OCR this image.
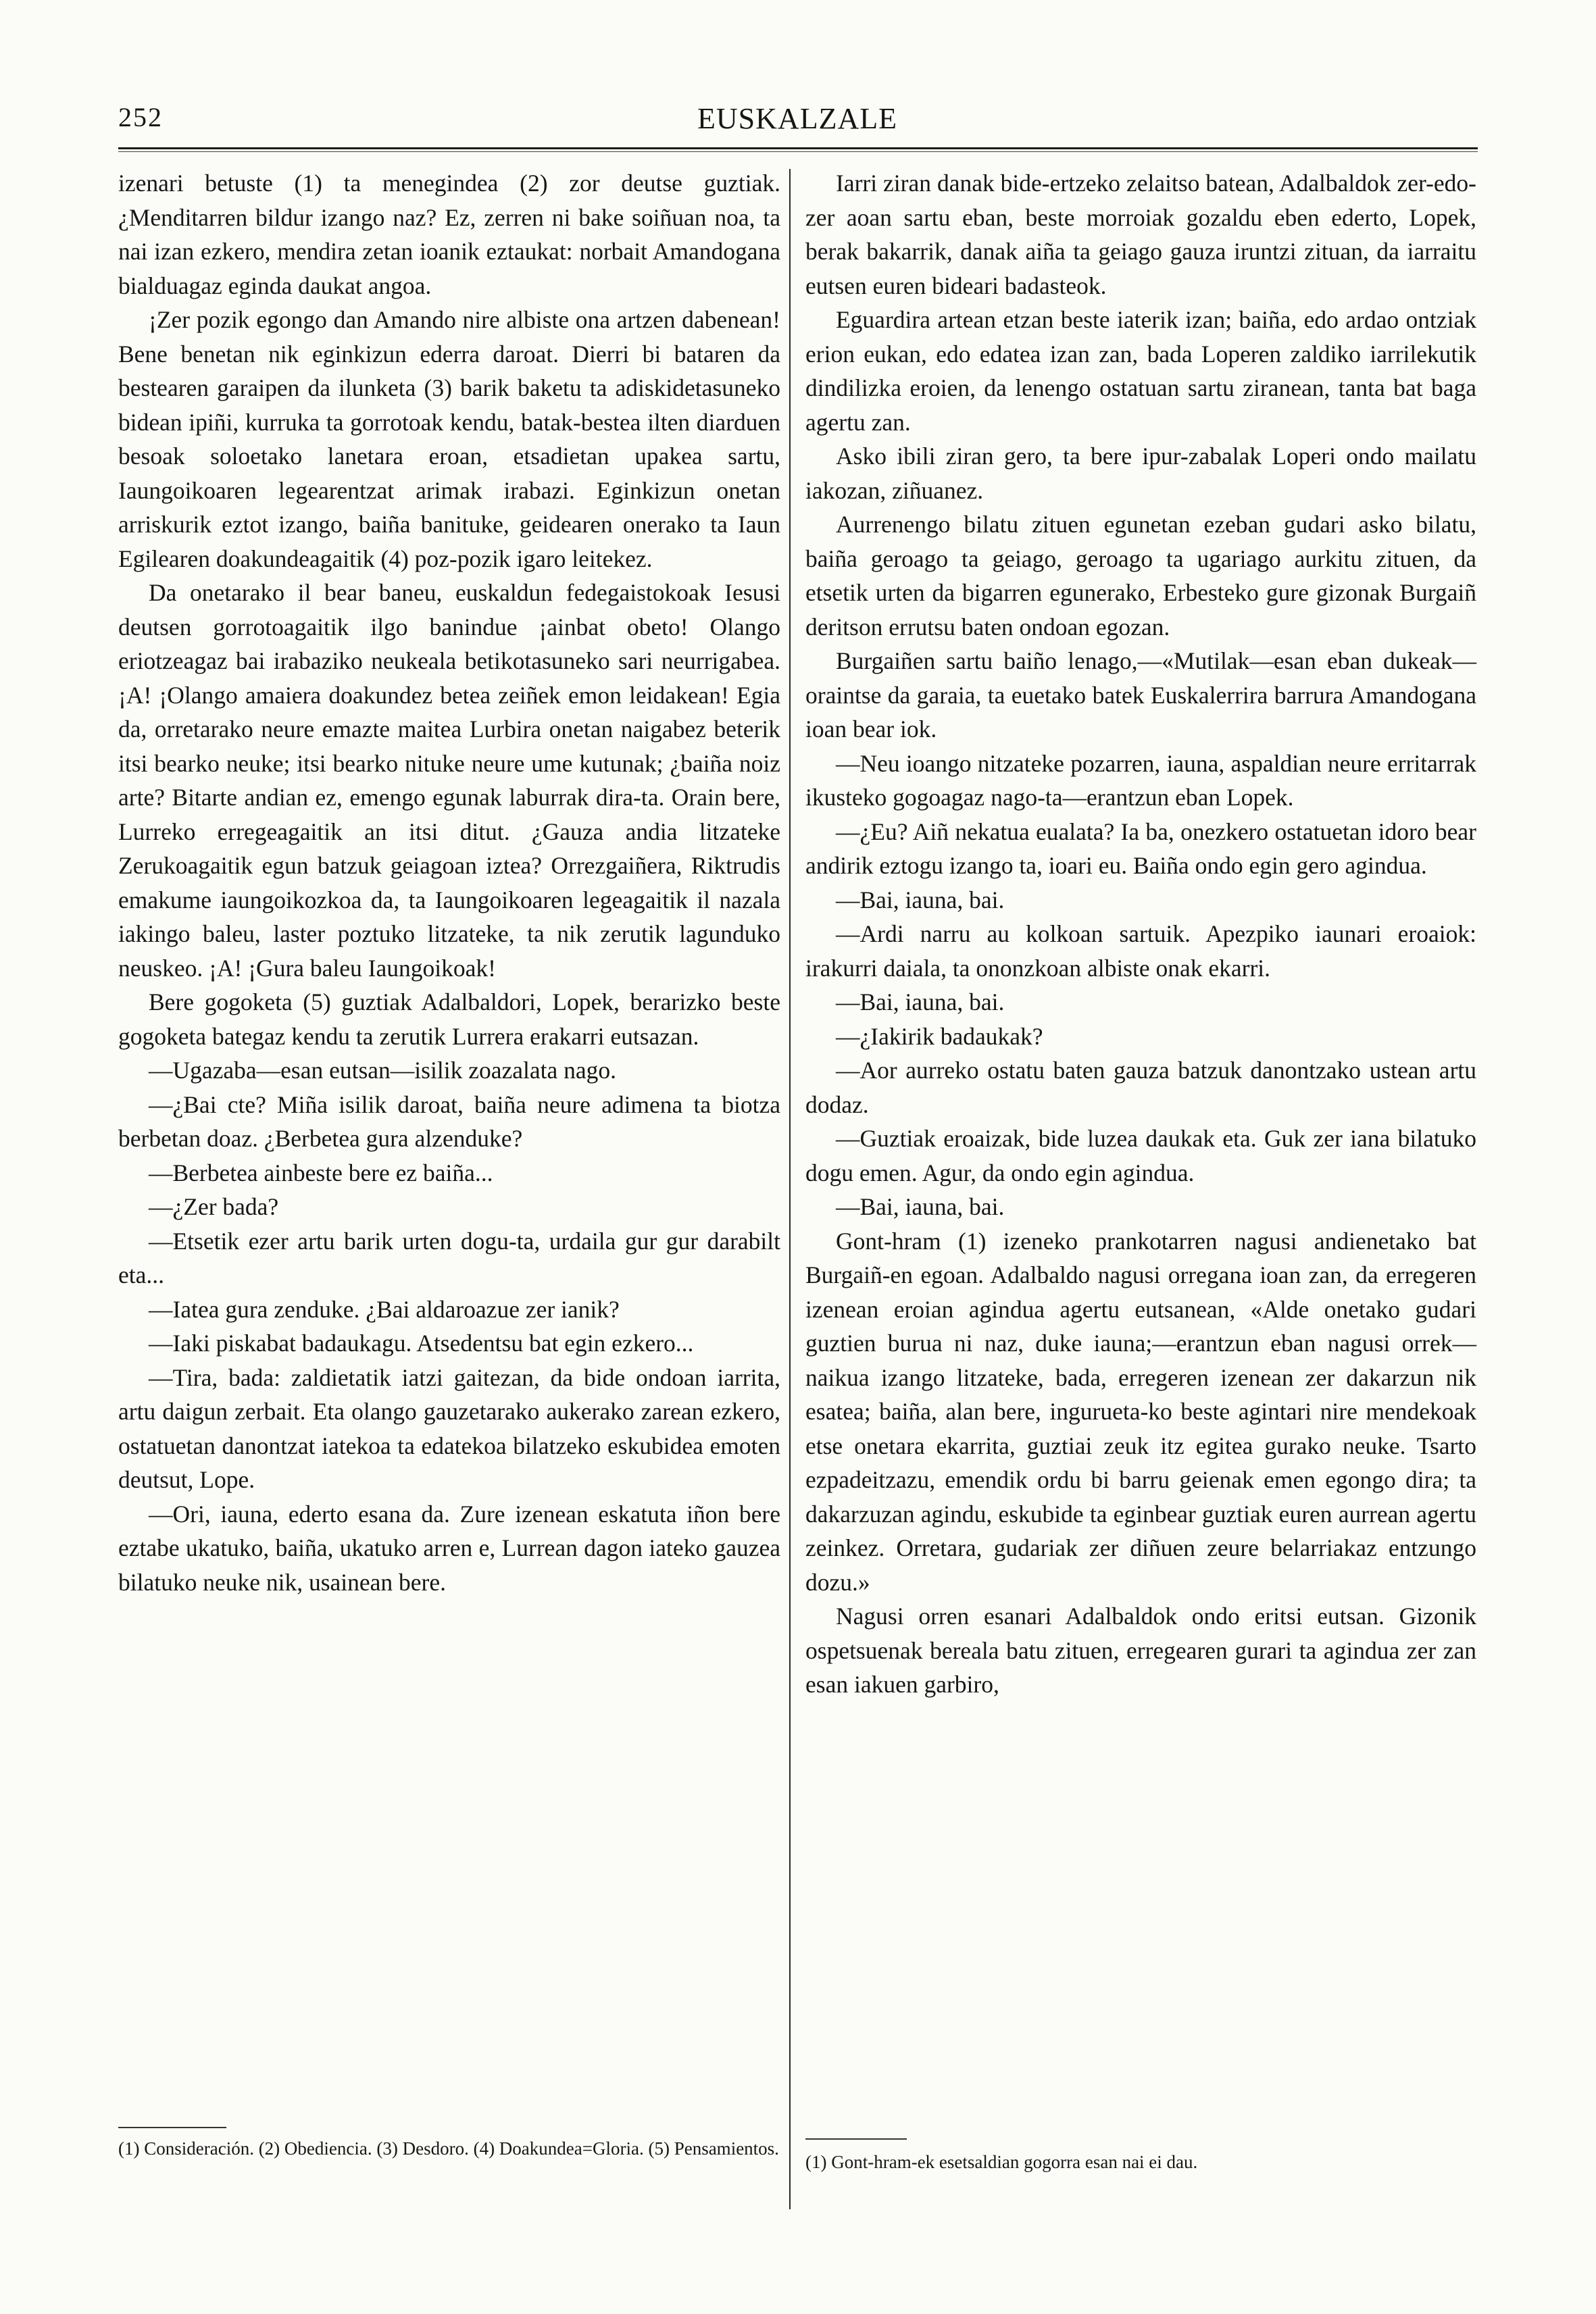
252	EUSKALZALE

izenari betuste (1) ta menegindea (2) zor deutse guztiak. ¿Menditarren bildur izango naz? Ez, zerren ni bake soiñuan noa, ta nai izan ezkero, mendira zetan ioanik eztaukat: norbait Amandogana bialduagaz eginda daukat angoa.

¡Zer pozik egongo dan Amando nire albiste ona artzen dabenean! Bene benetan nik eginkizun ederra daroat. Dierri bi bataren da bestearen garaipen da ilunketa (3) barik baketu ta adiskidetasuneko bidean ipiñi, kurruka ta gorrotoak kendu, batak-bestea ilten diarduen besoak soloetako lanetara eroan, etsadietan upakea sartu, Iaungoikoaren legearentzat arimak irabazi. Eginkizun onetan arriskurik eztot izango, baiña banituke, geidearen onerako ta Iaun Egilearen doakundeagaitik (4) poz-pozik igaro leitekez.

Da onetarako il bear baneu, euskaldun fedegaistokoak Iesusi deutsen gorrotoagaitik ilgo banindue ¡ainbat obeto! Olango eriotzeagaz bai irabaziko neukeala betikotasuneko sari neurrigabea. ¡A! ¡Olango amaiera doakundez betea zeiñek emon leidakean! Egia da, orretarako neure emazte maitea Lurbira onetan naigabez beterik itsi bearko neuke; itsi bearko nituke neure ume kutunak; ¿baiña noiz arte? Bitarte andian ez, emengo egunak laburrak dira-ta. Orain bere, Lurreko erregeagaitik an itsi ditut. ¿Gauza andia litzateke Zerukoagaitik egun batzuk geiagoan iztea? Orrezgaiñera, Riktrudis emakume iaungoikozkoa da, ta Iaungoikoaren legeagaitik il nazala iakingo baleu, laster poztuko litzateke, ta nik zerutik lagunduko neuskeo. ¡A! ¡Gura baleu Iaungoikoak!

Bere gogoketa (5) guztiak Adalbaldori, Lopek, berarizko beste gogoketa bategaz kendu ta zerutik Lurrera erakarri eutsazan.

—Ugazaba—esan eutsan—isilik zoazalata nago.

—¿Bai cte? Miña isilik daroat, baiña neure adimena ta biotza berbetan doaz. ¿Berbetea gura alzenduke?

—Berbetea ainbeste bere ez baiña...

—¿Zer bada?

—Etsetik ezer artu barik urten dogu-ta, urdaila gur gur darabilt eta...

—Iatea gura zenduke. ¿Bai aldaroazue zer ianik?

—Iaki piskabat badaukagu. Atsedentsu bat egin ezkero...

—Tira, bada: zaldietatik iatzi gaitezan, da bide ondoan iarrita, artu daigun zerbait. Eta olango gauzetarako aukerako zarean ezkero, ostatuetan danontzat iatekoa ta edatekoa bilatzeko eskubidea emoten deutsut, Lope.

—Ori, iauna, ederto esana da. Zure izenean eskatuta iñon bere eztabe ukatuko, baiña, ukatuko arren e, Lurrean dagon iateko gauzea bilatuko neuke nik, usainean bere.

(1) Consideración. (2) Obediencia. (3) Desdoro. (4) Doakundea=Gloria. (5) Pensamientos.

Iarri ziran danak bide-ertzeko zelaitso batean, Adalbaldok zer-edo-zer aoan sartu eban, beste morroiak gozaldu eben ederto, Lopek, berak bakarrik, danak aiña ta geiago gauza iruntzi zituan, da iarraitu eutsen euren bideari badasteok.

Eguardira artean etzan beste iaterik izan; baiña, edo ardao ontziak erion eukan, edo edatea izan zan, bada Loperen zaldiko iarrilekutik dindilizka eroien, da lenengo ostatuan sartu ziranean, tanta bat baga agertu zan.

Asko ibili ziran gero, ta bere ipur-zabalak Loperi ondo mailatu iakozan, ziñuanez.

Aurrenengo bilatu zituen egunetan ezeban gudari asko bilatu, baiña geroago ta geiago, geroago ta ugariago aurkitu zituen, da etsetik urten da bigarren egunerako, Erbesteko gure gizonak Burgaiñ deritson errutsu baten ondoan egozan.

Burgaiñen sartu baiño lenago,—«Mutilak—esan eban dukeak—oraintse da garaia, ta euetako batek Euskalerrira barrura Amandogana ioan bear iok.

—Neu ioango nitzateke pozarren, iauna, aspaldian neure erritarrak ikusteko gogoagaz nago-ta—erantzun eban Lopek.

—¿Eu? Aiñ nekatua eualata? Ia ba, onezkero ostatuetan idoro bear andirik eztogu izango ta, ioari eu. Baiña ondo egin gero agindua.

—Bai, iauna, bai.

—Ardi narru au kolkoan sartuik. Apezpiko iaunari eroaiok: irakurri daiala, ta ononzkoan albiste onak ekarri.

—Bai, iauna, bai.

—¿Iakirik badaukak?

—Aor aurreko ostatu baten gauza batzuk danontzako ustean artu dodaz.

—Guztiak eroaizak, bide luzea daukak eta. Guk zer iana bilatuko dogu emen. Agur, da ondo egin agindua.

—Bai, iauna, bai.

Gont-hram (1) izeneko prankotarren nagusi andienetako bat Burgaiñ-en egoan. Adalbaldo nagusi orregana ioan zan, da erregeren izenean eroian agindua agertu eutsanean, «Alde onetako gudari guztien burua ni naz, duke iauna;—erantzun eban nagusi orrek—naikua izango litzateke, bada, erregeren izenean zer dakarzun nik esatea; baiña, alan bere, ingurueta-ko beste agintari nire mendekoak etse onetara ekarrita, guztiai zeuk itz egitea gurako neuke. Tsarto ezpadeitzazu, emendik ordu bi barru geienak emen egongo dira; ta dakarzuzan agindu, eskubide ta eginbear guztiak euren aurrean agertu zeinkez. Orretara, gudariak zer diñuen zeure belarriakaz entzungo dozu.»

Nagusi orren esanari Adalbaldok ondo eritsi eutsan. Gizonik ospetsuenak bereala batu zituen, erregearen gurari ta agindua zer zan esan iakuen garbiro,

(1) Gont-hram-ek esetsaldian gogorra esan nai ei dau.
